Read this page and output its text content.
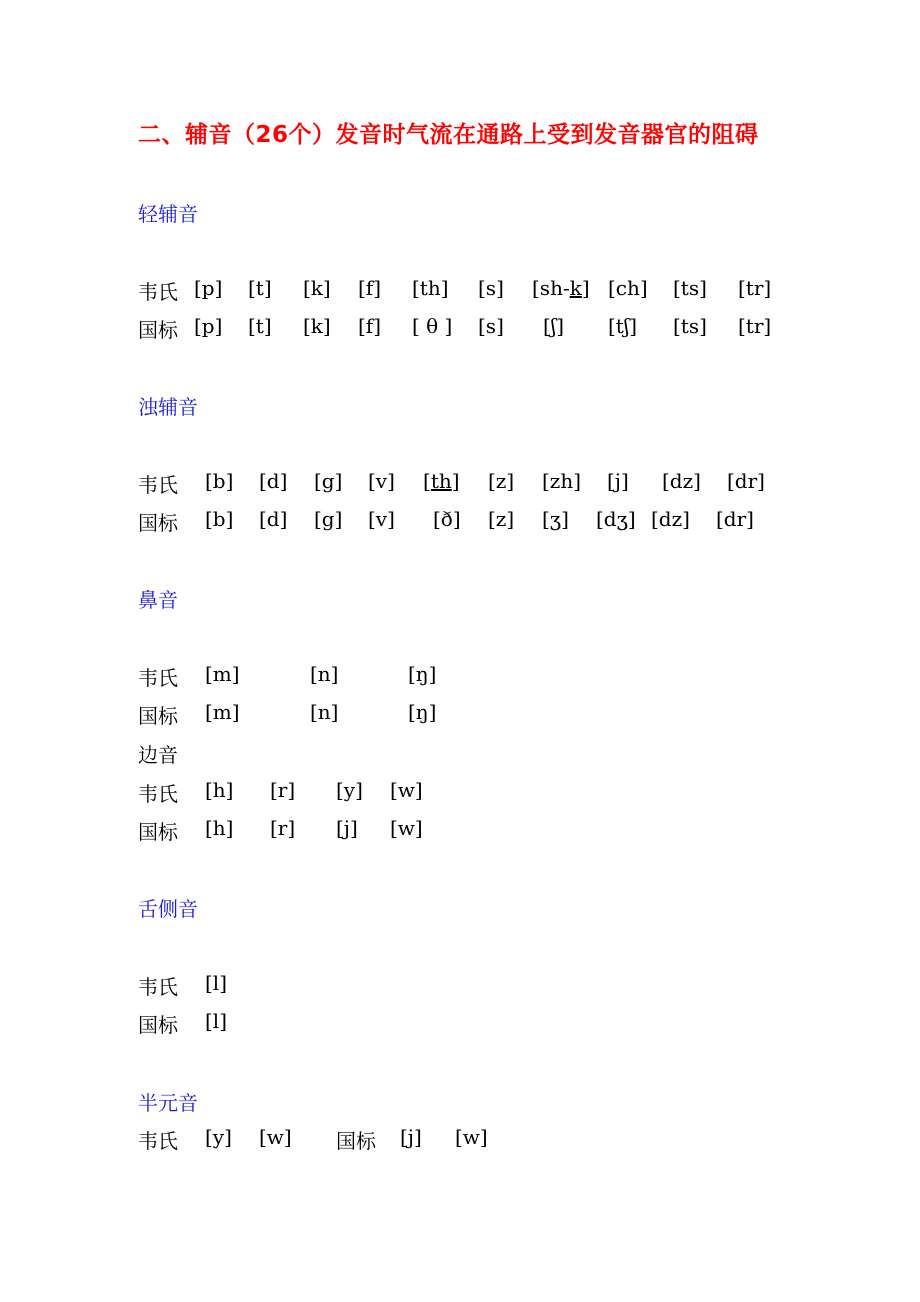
二、辅音（26个）发音时气流在通路上受到发音器官的阻碍
轻辅音
韦氏 [p] [t] [k] [f] [th] [s] [sh-k] [ch] [ts] [tr]
国标 [p] [t] [k] [f] [ θ ] [s] [ʃ] [tʃ] [ts] [tr]
浊辅音
韦氏 [b] [d] [g] [v] [th] [z] [zh] [j] [dz] [dr]
国标 [b] [d] [g] [v] [ð] [z] [ʒ] [dʒ] [dz] [dr]
鼻音
韦氏 [m]	[n]	[ŋ]
国标 [m]	[n]	[ŋ]
边音
韦氏 [h] [r] [y] [w]
国标 [h] [r] [j] [w]
舌侧音
韦氏 [l]
国标 [l]
半元音
韦氏 [y] [w] 国标 [j] [w]
